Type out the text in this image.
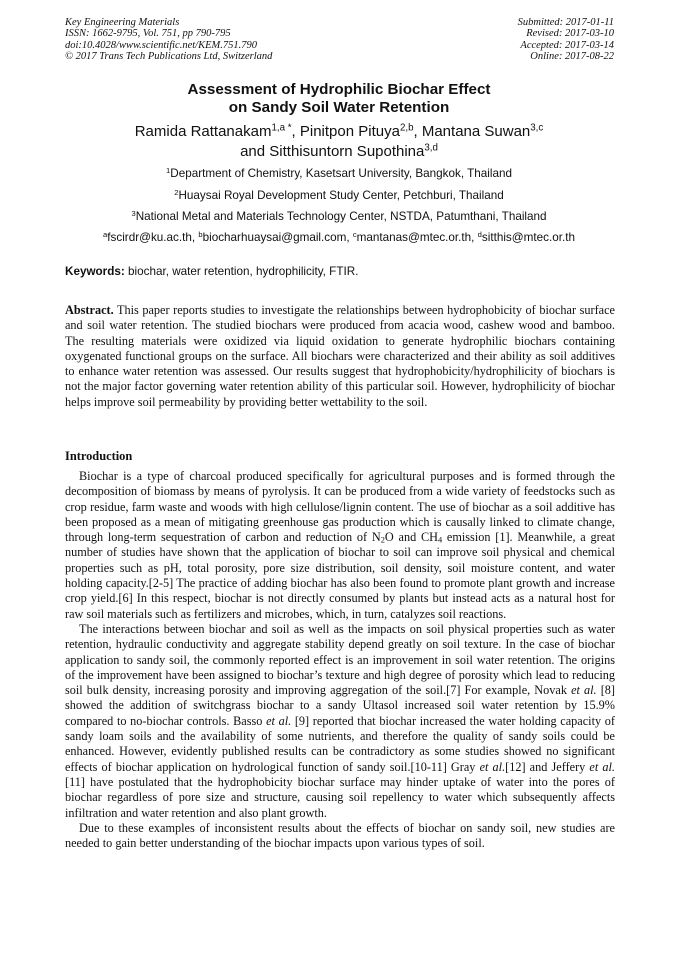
Key Engineering Materials
ISSN: 1662-9795, Vol. 751, pp 790-795
doi:10.4028/www.scientific.net/KEM.751.790
© 2017 Trans Tech Publications Ltd, Switzerland
Submitted: 2017-01-11
Revised: 2017-03-10
Accepted: 2017-03-14
Online: 2017-08-22
Assessment of Hydrophilic Biochar Effect
on Sandy Soil Water Retention
Ramida Rattanakam$^{1,a *}$, Pinitpon Pituya$^{2,b}$, Mantana Suwan$^{3,c}$
and Sitthisuntorn Supothina$^{3,d}$
$^1$Department of Chemistry, Kasetsart University, Bangkok, Thailand
$^2$Huaysai Royal Development Study Center, Petchburi, Thailand
$^3$National Metal and Materials Technology Center, NSTDA, Patumthani, Thailand
$^a$fscirdr@ku.ac.th, $^b$biocharhuaysai@gmail.com, $^c$mantanas@mtec.or.th, $^d$sitthis@mtec.or.th
Keywords: biochar, water retention, hydrophilicity, FTIR.

Abstract. This paper reports studies to investigate the relationships between hydrophobicity of biochar surface and soil water retention. The studied biochars were produced from acacia wood, cashew wood and bamboo. The resulting materials were oxidized via liquid oxidation to generate hydrophilic biochars containing oxygenated functional groups on the surface. All biochars were characterized and their ability as soil additives to enhance water retention was assessed. Our results suggest that hydrophobicity/hydrophilicity of biochars is not the major factor governing water retention ability of this particular soil. However, hydrophilicity of biochar helps improve soil permeability by providing better wettability to the soil.

Introduction

Biochar is a type of charcoal produced specifically for agricultural purposes and is formed through the decomposition of biomass by means of pyrolysis. It can be produced from a wide variety of feedstocks such as crop residue, farm waste and woods with high cellulose/lignin content. The use of biochar as a soil additive has been proposed as a mean of mitigating greenhouse gas production which is causally linked to climate change, through long-term sequestration of carbon and reduction of $N_2O$ and $CH_4$ emission [1]. Meanwhile, a great number of studies have shown that the application of biochar to soil can improve soil physical and chemical properties such as pH, total porosity, pore size distribution, soil density, soil moisture content, and water holding capacity.[2-5] The practice of adding biochar has also been found to promote plant growth and increase crop yield.[6] In this respect, biochar is not directly consumed by plants but instead acts as a natural host for raw soil materials such as fertilizers and microbes, which, in turn, catalyzes soil reactions.

The interactions between biochar and soil as well as the impacts on soil physical properties such as water retention, hydraulic conductivity and aggregate stability depend greatly on soil texture. In the case of biochar application to sandy soil, the commonly reported effect is an improvement in soil water retention. The origins of the improvement have been assigned to biochar’s texture and high degree of porosity which lead to reducing soil bulk density, increasing porosity and improving aggregation of the soil.[7] For example, Novak et al. [8] showed the addition of switchgrass biochar to a sandy Ultasol increased soil water retention by 15.9% compared to no-biochar controls. Basso et al. [9] reported that biochar increased the water holding capacity of sandy loam soils and the availability of some nutrients, and therefore the quality of sandy soils could be enhanced. However, evidently published results can be contradictory as some studies showed no significant effects of biochar application on hydrological function of sandy soil.[10-11] Gray et al.[12] and Jeffery et al.[11] have postulated that the hydrophobicity biochar surface may hinder uptake of water into the pores of biochar regardless of pore size and structure, causing soil repellency to water which subsequently affects infiltration and water retention and also plant growth.

Due to these examples of inconsistent results about the effects of biochar on sandy soil, new studies are needed to gain better understanding of the biochar impacts upon various types of soil.
